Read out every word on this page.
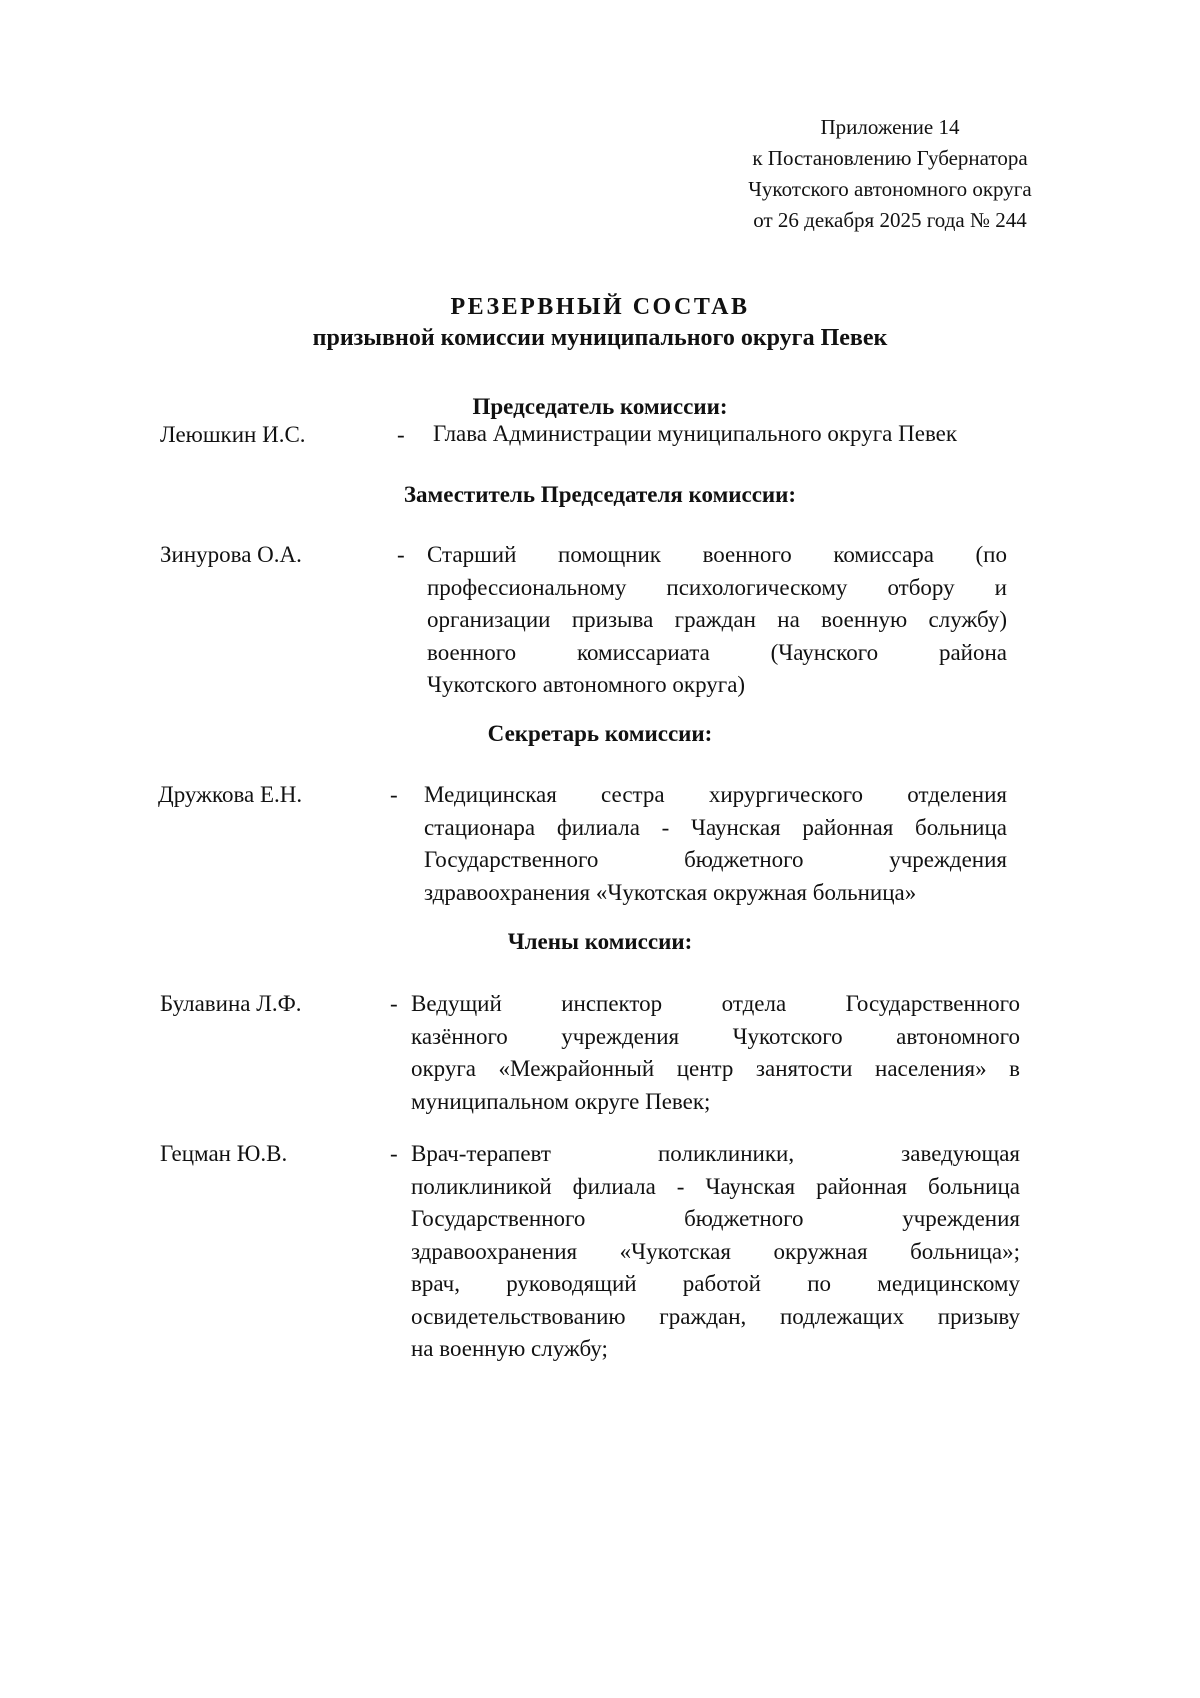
Приложение 14
к Постановлению Губернатора
Чукотского автономного округа
от 26 декабря 2025 года № 244
РЕЗЕРВНЫЙ СОСТАВ
призывной комиссии муниципального округа Певек
Председатель комиссии:
Леюшкин И.С.	- Глава Администрации муниципального округа Певек
Заместитель Председателя комиссии:
Зинурова О.А.	- Старший помощник военного комиссара (по
профессиональному психологическому отбору и
организации призыва граждан на военную службу)
военного комиссариата (Чаунского района
Чукотского автономного округа)
Секретарь комиссии:
Дружкова Е.Н.	- Медицинская сестра хирургического отделения
стационара филиала - Чаунская районная больница
Государственного бюджетного учреждения
здравоохранения «Чукотская окружная больница»
Члены комиссии:
Булавина Л.Ф.	- Ведущий инспектор отдела Государственного
казённого учреждения Чукотского автономного
округа «Межрайонный центр занятости населения» в
муниципальном округе Певек;
Гецман Ю.В.	- Врач-терапевт поликлиники, заведующая
поликлиникой филиала - Чаунская районная больница
Государственного бюджетного учреждения
здравоохранения «Чукотская окружная больница»;
врач, руководящий работой по медицинскому
освидетельствованию граждан, подлежащих призыву
на военную службу;
